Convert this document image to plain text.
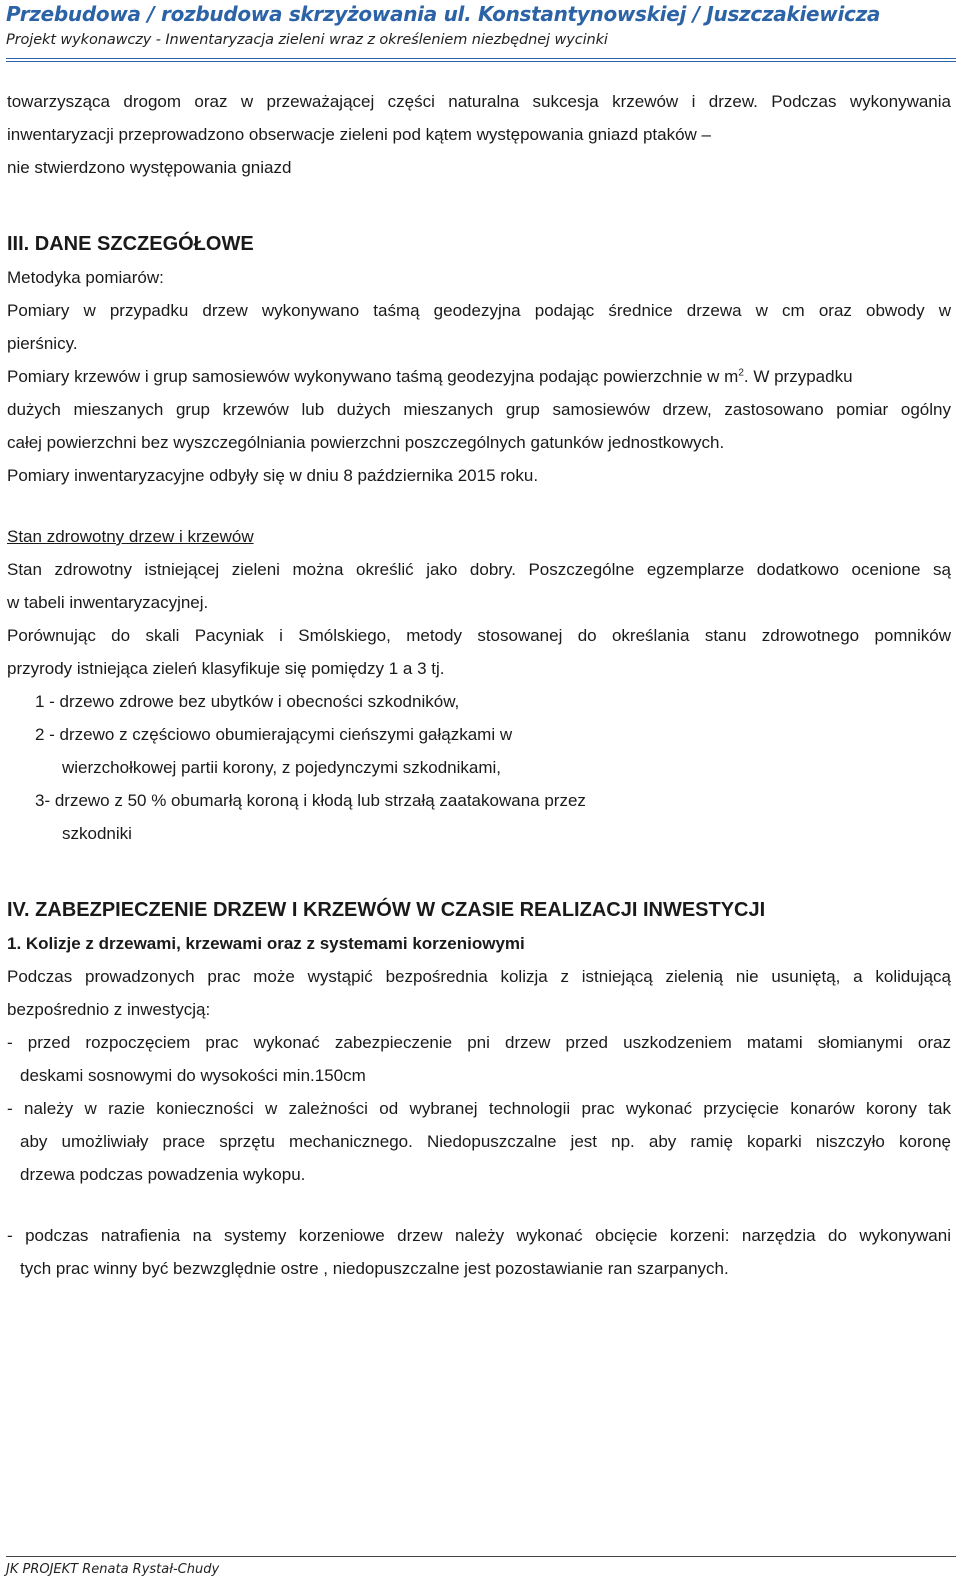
Przebudowa / rozbudowa skrzyżowania ul. Konstantynowskiej / Juszczakiewicza
Projekt wykonawczy - Inwentaryzacja zieleni wraz z określeniem niezbędnej wycinki
towarzysząca drogom oraz w przeważającej części naturalna sukcesja krzewów i drzew. Podczas wykonywania
inwentaryzacji przeprowadzono obserwacje zieleni pod kątem występowania gniazd ptaków –
nie stwierdzono występowania gniazd
III. DANE SZCZEGÓŁOWE
Metodyka pomiarów:
Pomiary w przypadku drzew wykonywano taśmą geodezyjna podając średnice drzewa w cm oraz obwody w
pierśnicy.
Pomiary krzewów i grup samosiewów wykonywano taśmą geodezyjna podając powierzchnie w $m^2$. W przypadku
dużych mieszanych grup krzewów lub dużych mieszanych grup samosiewów drzew, zastosowano pomiar ogólny
całej powierzchni bez wyszczególniania powierzchni poszczególnych gatunków jednostkowych.
Pomiary inwentaryzacyjne odbyły się w dniu 8 października 2015 roku.
Stan zdrowotny drzew i krzewów
Stan zdrowotny istniejącej zieleni można określić jako dobry. Poszczególne egzemplarze dodatkowo ocenione są
w tabeli inwentaryzacyjnej.
Porównując do skali Pacyniak i Smólskiego, metody stosowanej do określania stanu zdrowotnego pomników
przyrody istniejąca zieleń klasyfikuje się pomiędzy 1 a 3 tj.
1 - drzewo zdrowe bez ubytków i obecności szkodników,
2 - drzewo z częściowo obumierającymi cieńszymi gałązkami w
wierzchołkowej partii korony, z pojedynczymi szkodnikami,
3- drzewo z 50 % obumarłą koroną i kłodą lub strzałą zaatakowana przez
szkodniki
IV. ZABEZPIECZENIE DRZEW I KRZEWÓW W CZASIE REALIZACJI INWESTYCJI
1. Kolizje z drzewami, krzewami oraz z systemami korzeniowymi
Podczas prowadzonych prac może wystąpić bezpośrednia kolizja z istniejącą zielenią nie usuniętą, a kolidującą
bezpośrednio z inwestycją:
- przed rozpoczęciem prac wykonać zabezpieczenie pni drzew przed uszkodzeniem matami słomianymi oraz
deskami sosnowymi do wysokości min.150cm
- należy w razie konieczności w zależności od wybranej technologii prac wykonać przycięcie konarów korony tak
aby umożliwiały prace sprzętu mechanicznego. Niedopuszczalne jest np. aby ramię koparki niszczyło koronę
drzewa podczas powadzenia wykopu.
- podczas natrafienia na systemy korzeniowe drzew należy wykonać obcięcie korzeni: narzędzia do wykonywani
tych prac winny być bezwzględnie ostre , niedopuszczalne jest pozostawianie ran szarpanych.
JK PROJEKT Renata Rystał-Chudy
